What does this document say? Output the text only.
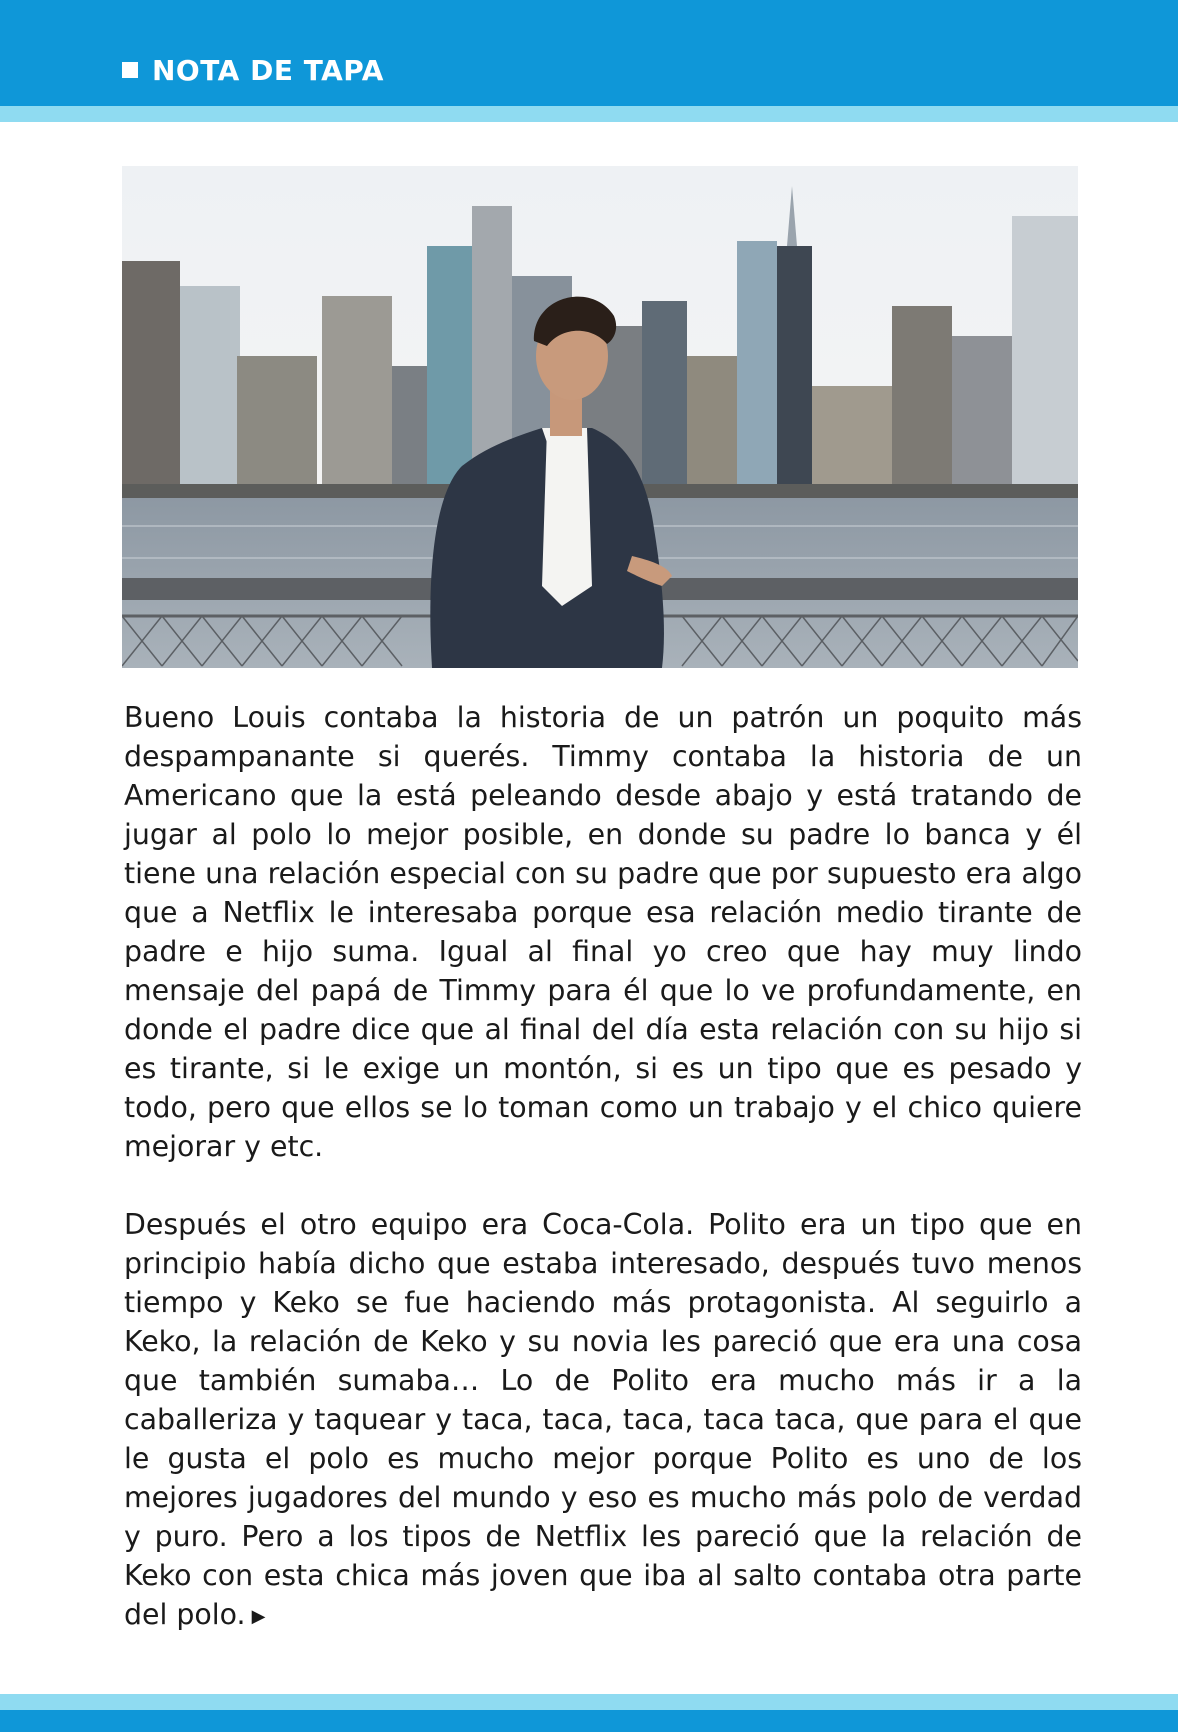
NOTA DE TAPA

Bueno Louis contaba la historia de un patrón un poquito más despampanante si querés. Timmy contaba la historia de un Americano que la está peleando desde abajo y está tratando de jugar al polo lo mejor posible, en donde su padre lo banca y él tiene una relación especial con su padre que por supuesto era algo que a Netflix le interesaba porque esa relación medio tirante de padre e hijo suma. Igual al final yo creo que hay muy lindo mensaje del papá de Timmy para él que lo ve profundamente, en donde el padre dice que al final del día esta relación con su hijo si es tirante, si le exige un montón, si es un tipo que es pesado y todo, pero que ellos se lo toman como un trabajo y el chico quiere mejorar y etc.

Después el otro equipo era Coca-Cola. Polito era un tipo que en principio había dicho que estaba interesado, después tuvo menos tiempo y Keko se fue haciendo más protagonista. Al seguirlo a Keko, la relación de Keko y su novia les pareció que era una cosa que también sumaba… Lo de Polito era mucho más ir a la caballeriza y taquear y taca, taca, taca, taca taca, que para el que le gusta el polo es mucho mejor porque Polito es uno de los mejores jugadores del mundo y eso es mucho más polo de verdad y puro. Pero a los tipos de Netflix les pareció que la relación de Keko con esta chica más joven que iba al salto contaba otra parte del polo. ▶
